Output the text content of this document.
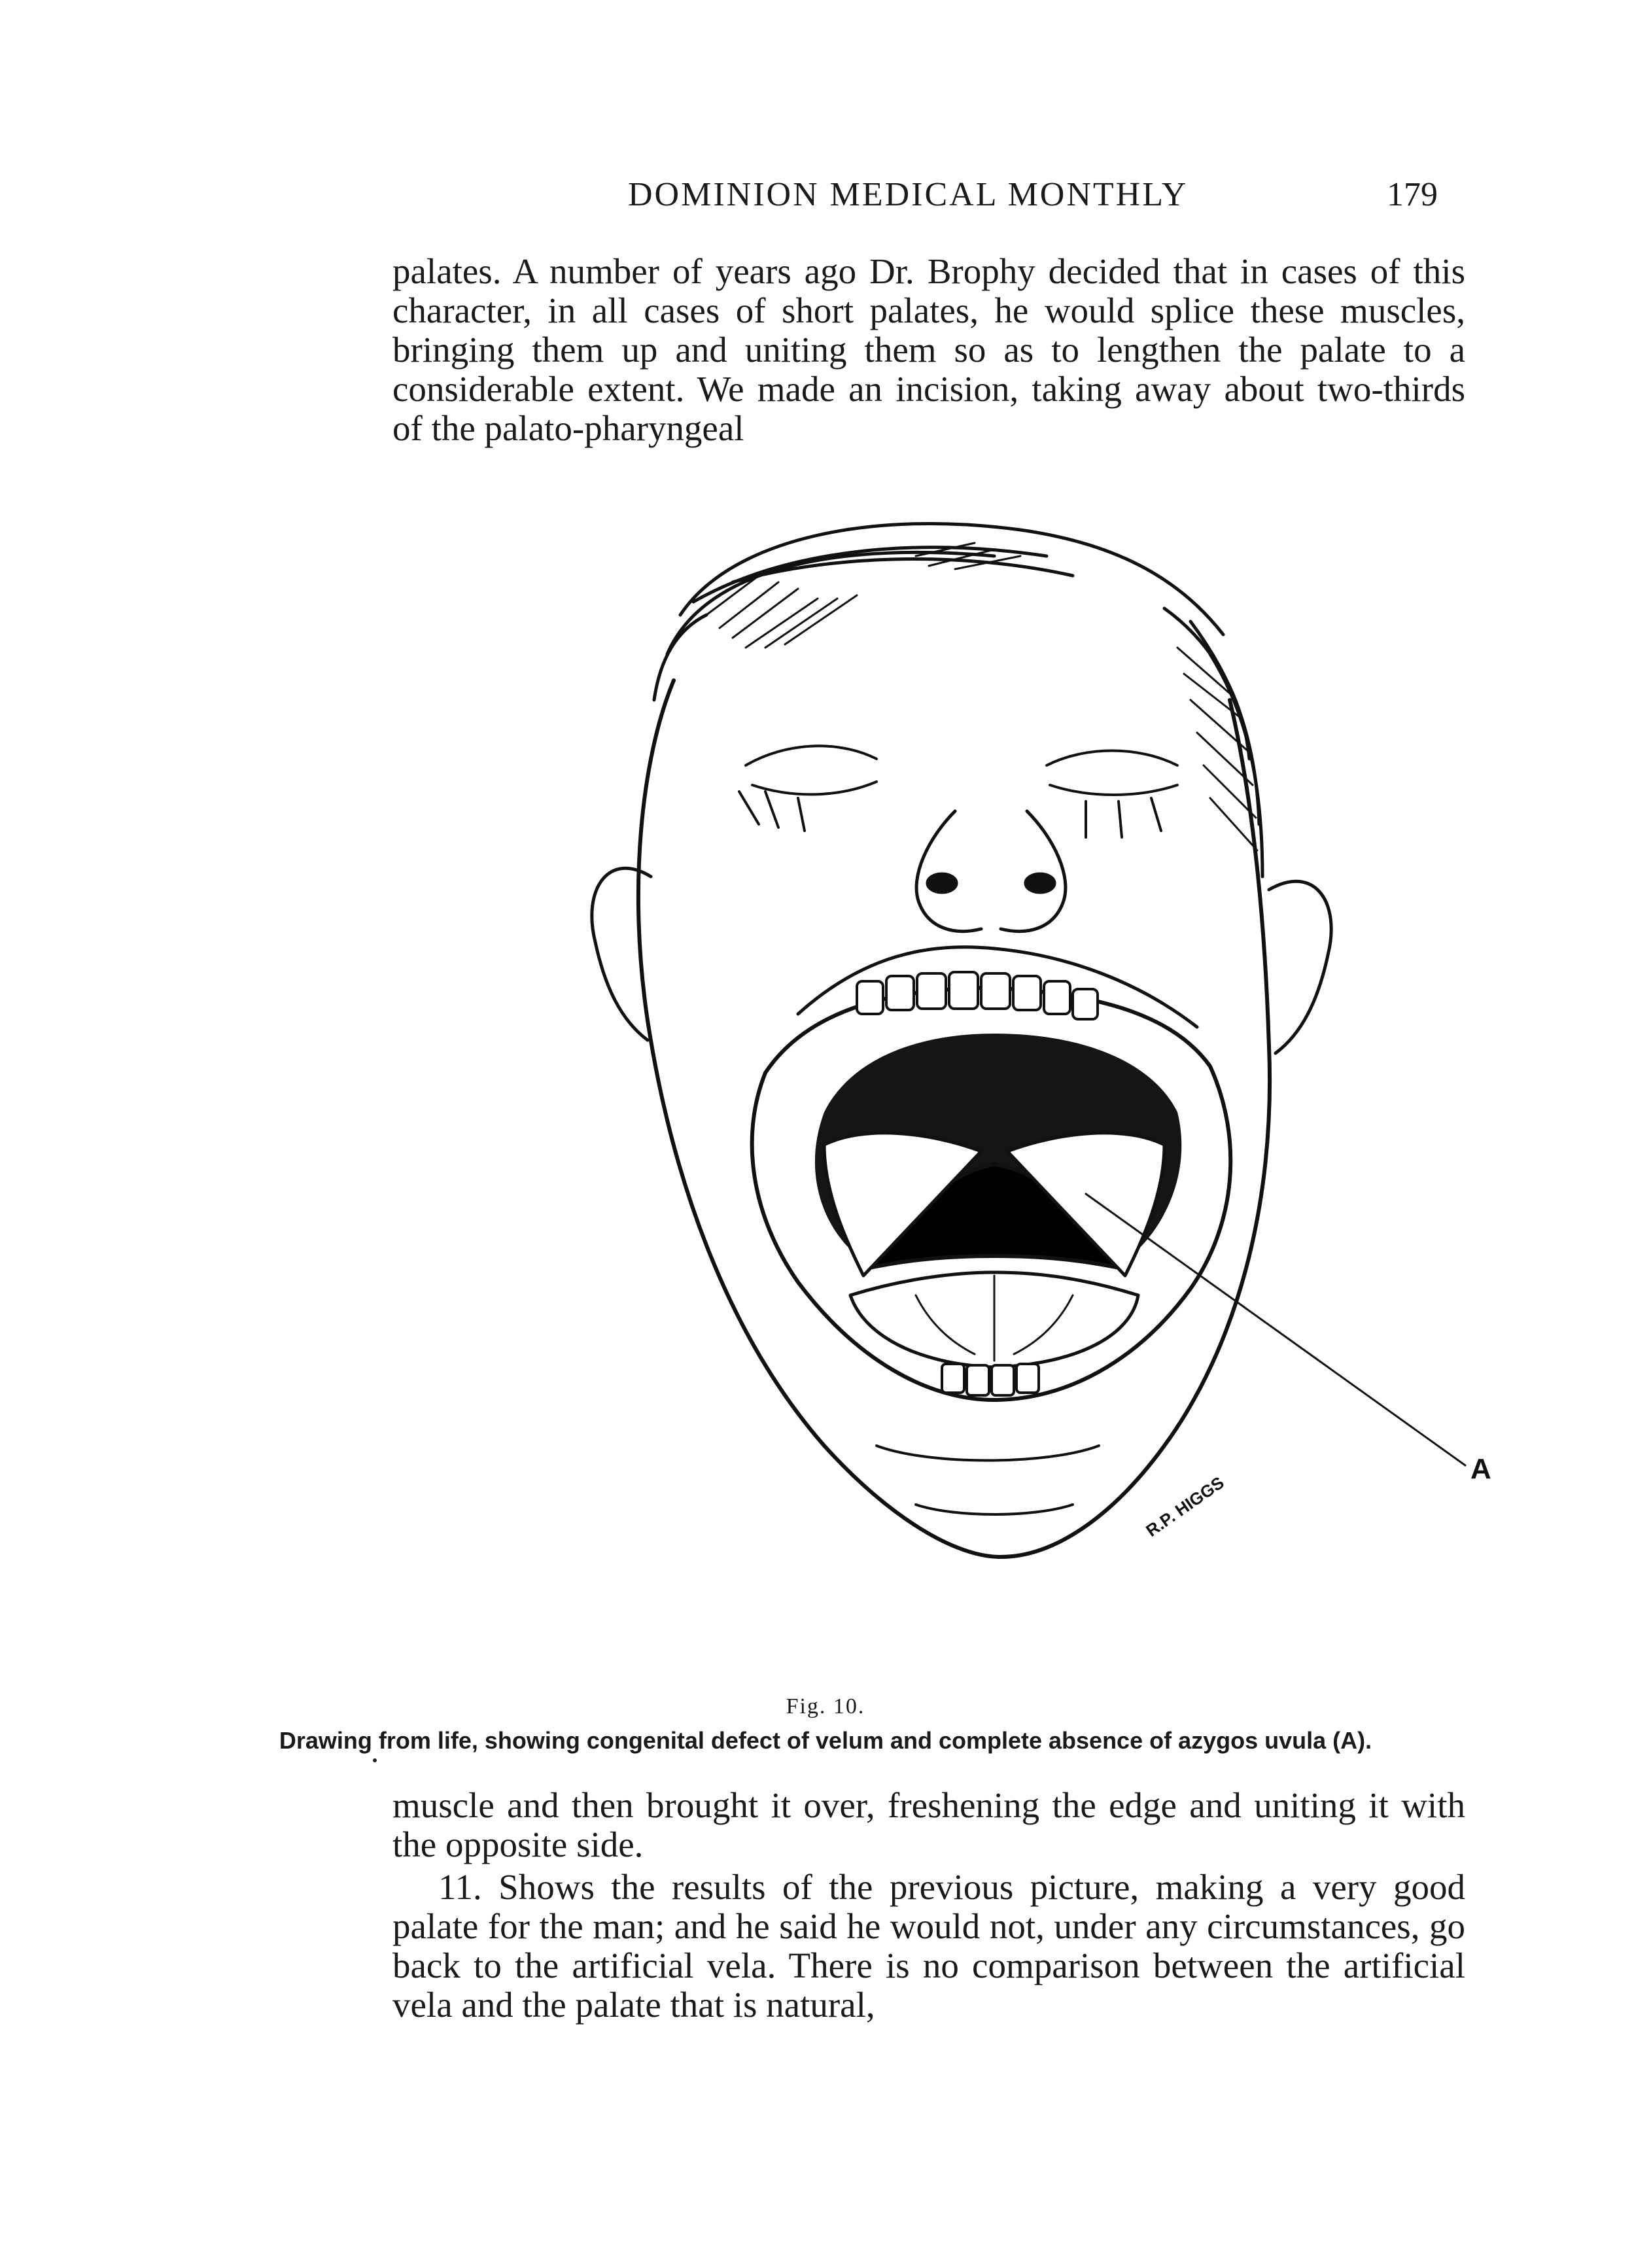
DOMINION MEDICAL MONTHLY	179

palates. A number of years ago Dr. Brophy decided that in cases of this character, in all cases of short palates, he would splice these muscles, bringing them up and uniting them so as to lengthen the palate to a considerable extent. We made an incision, taking away about two-thirds of the palato-pharyngeal

A
R.P. HIGGS
Fig. 10.
Drawing from life, showing congenital defect of velum and complete absence of azygos uvula (A).

muscle and then brought it over, freshening the edge and uniting it with the opposite side.

11. Shows the results of the previous picture, making a very good palate for the man; and he said he would not, under any circumstances, go back to the artificial vela. There is no comparison between the artificial vela and the palate that is natural,
